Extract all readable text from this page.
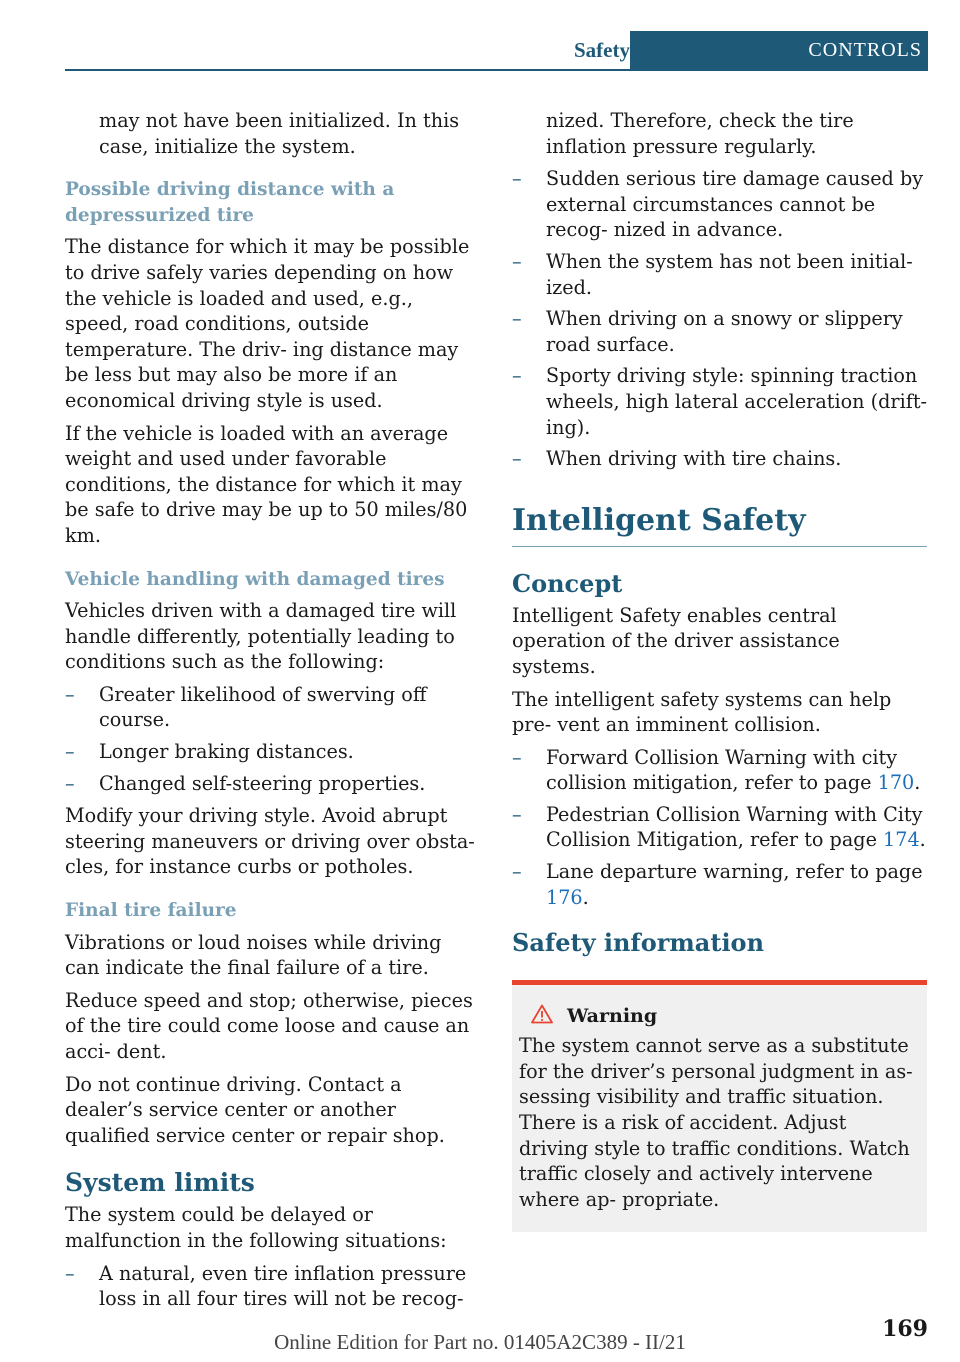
Safety	CONTROLS

may not have been initialized. In this case, initialize the system.

Possible driving distance with a depressurized tire

The distance for which it may be possible to drive safely varies depending on how the vehicle is loaded and used, e.g., speed, road conditions, outside temperature. The driv‐ ing distance may be less but may also be more if an economical driving style is used.

If the vehicle is loaded with an average weight and used under favorable conditions, the distance for which it may be safe to drive may be up to 50 miles/80 km.

Vehicle handling with damaged tires

Vehicles driven with a damaged tire will handle differently, potentially leading to conditions such as the following:

– Greater likelihood of swerving off course.
– Longer braking distances.
– Changed self-steering properties.

Modify your driving style. Avoid abrupt steering maneuvers or driving over obsta‐ cles, for instance curbs or potholes.

Final tire failure

Vibrations or loud noises while driving can indicate the final failure of a tire.

Reduce speed and stop; otherwise, pieces of the tire could come loose and cause an acci‐ dent.

Do not continue driving. Contact a dealer’s service center or another qualified service center or repair shop.

System limits

The system could be delayed or malfunction in the following situations:

– A natural, even tire inflation pressure loss in all four tires will not be recog‐

nized. Therefore, check the tire inflation pressure regularly.

– Sudden serious tire damage caused by external circumstances cannot be recog‐ nized in advance.
– When the system has not been initial‐ ized.
– When driving on a snowy or slippery road surface.
– Sporty driving style: spinning traction wheels, high lateral acceleration (drift‐ ing).
– When driving with tire chains.
Intelligent Safety
Concept

Intelligent Safety enables central operation of the driver assistance systems.

The intelligent safety systems can help pre‐ vent an imminent collision.

– Forward Collision Warning with city collision mitigation, refer to page 170.
– Pedestrian Collision Warning with City Collision Mitigation, refer to page 174.
– Lane departure warning, refer to page 176.
Safety information
Warning

The system cannot serve as a substitute for the driver’s personal judgment in as‐ sessing visibility and traffic situation. There is a risk of accident. Adjust driving style to traffic conditions. Watch traffic closely and actively intervene where ap‐ propriate.

169
Online Edition for Part no. 01405A2C389 - II/21
